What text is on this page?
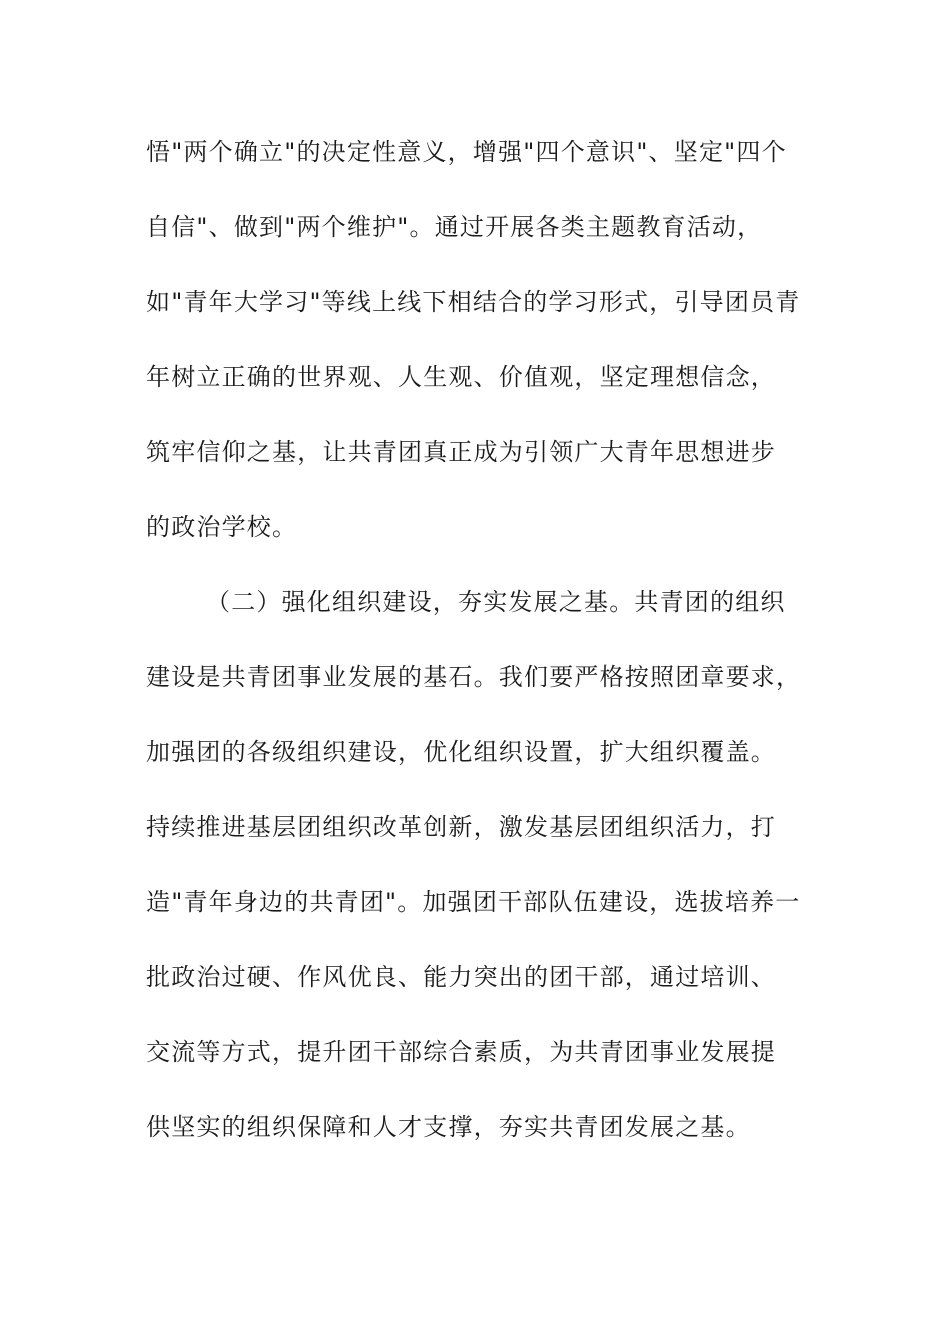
悟"两个确立"的决定性意义，增强"四个意识"、坚定"四个

自信"、做到"两个维护"。通过开展各类主题教育活动，

如"青年大学习"等线上线下相结合的学习形式，引导团员青

年树立正确的世界观、人生观、价值观，坚定理想信念，

筑牢信仰之基，让共青团真正成为引领广大青年思想进步

的政治学校。

（二）强化组织建设，夯实发展之基。共青团的组织

建设是共青团事业发展的基石。我们要严格按照团章要求，

加强团的各级组织建设，优化组织设置，扩大组织覆盖。

持续推进基层团组织改革创新，激发基层团组织活力，打

造"青年身边的共青团"。加强团干部队伍建设，选拔培养一

批政治过硬、作风优良、能力突出的团干部，通过培训、

交流等方式，提升团干部综合素质，为共青团事业发展提

供坚实的组织保障和人才支撑，夯实共青团发展之基。
